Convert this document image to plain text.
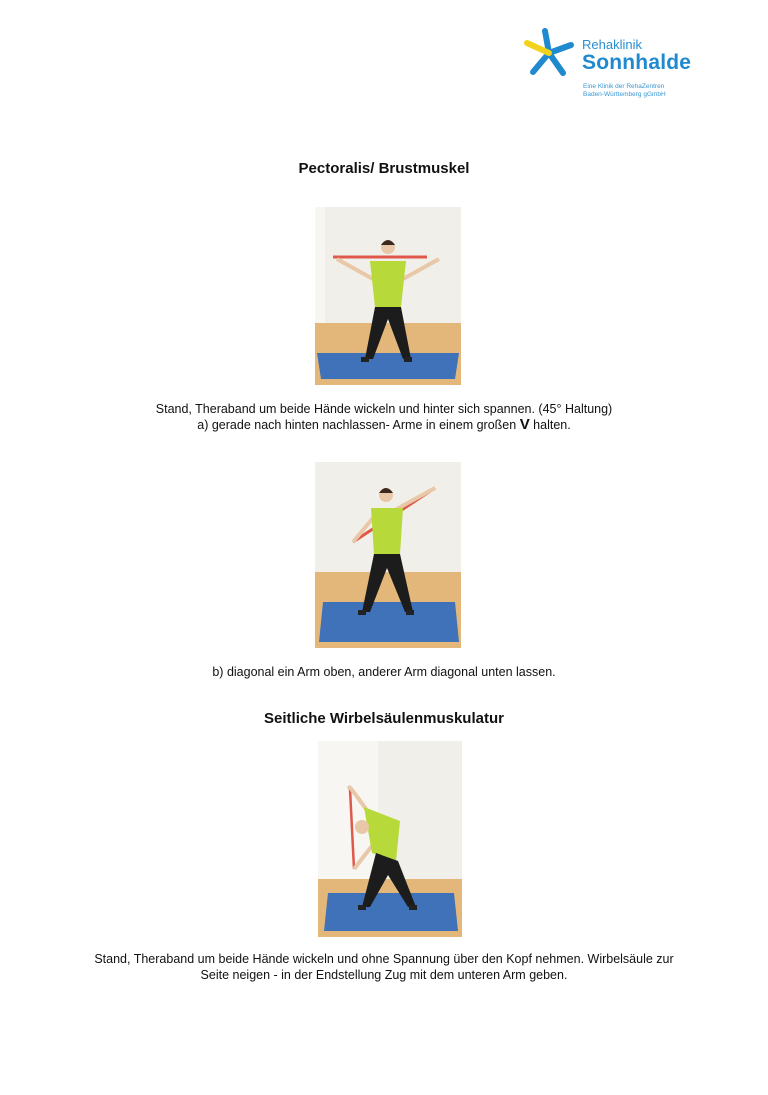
Rehaklinik
Sonnhalde
Eine Klinik der RehaZentren
Baden-Württemberg gGmbH
Pectoralis/ Brustmuskel
Stand, Theraband um beide Hände wickeln und hinter sich spannen. (45° Haltung)
a) gerade nach hinten nachlassen- Arme in einem großen V halten.
b) diagonal ein Arm oben, anderer Arm diagonal unten lassen.
Seitliche Wirbelsäulenmuskulatur
Stand, Theraband um beide Hände wickeln und ohne Spannung über den Kopf nehmen. Wirbelsäule zur
Seite neigen - in der Endstellung Zug mit dem unteren Arm geben.
